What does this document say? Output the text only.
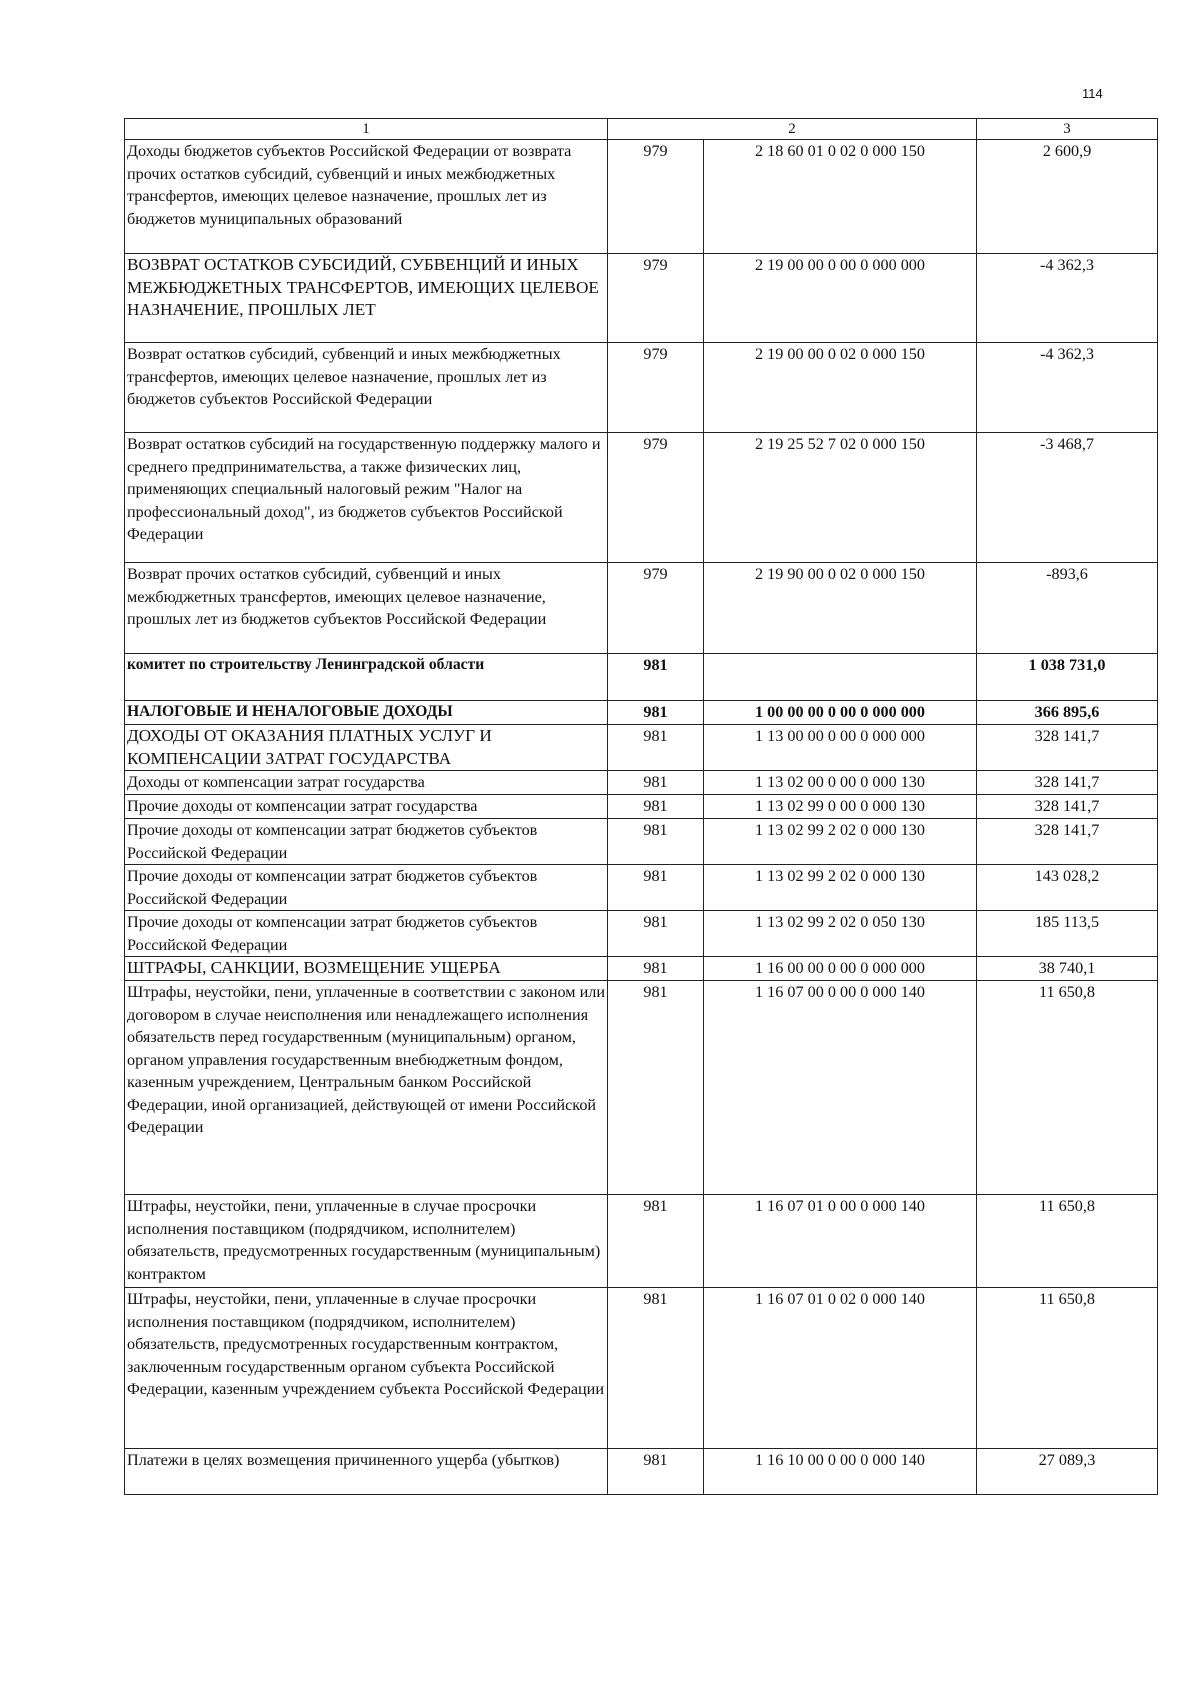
114
1	2		3
Доходы бюджетов субъектов Российской Федерации от возврата прочих остатков субсидий, субвенций и иных межбюджетных трансфертов, имеющих целевое назначение, прошлых лет из бюджетов муниципальных образований	979	2 18 60 01 0 02 0 000 150	2 600,9
ВОЗВРАТ ОСТАТКОВ СУБСИДИЙ, СУБВЕНЦИЙ И ИНЫХ МЕЖБЮДЖЕТНЫХ ТРАНСФЕРТОВ, ИМЕЮЩИХ ЦЕЛЕВОЕ НАЗНАЧЕНИЕ, ПРОШЛЫХ ЛЕТ	979	2 19 00 00 0 00 0 000 000	-4 362,3
Возврат остатков субсидий, субвенций и иных межбюджетных трансфертов, имеющих целевое назначение, прошлых лет из бюджетов субъектов Российской Федерации	979	2 19 00 00 0 02 0 000 150	-4 362,3
Возврат остатков субсидий на государственную поддержку малого и среднего предпринимательства, а также физических лиц, применяющих специальный налоговый режим "Налог на профессиональный доход", из бюджетов субъектов Российской Федерации	979	2 19 25 52 7 02 0 000 150	-3 468,7
Возврат прочих остатков субсидий, субвенций и иных межбюджетных трансфертов, имеющих целевое назначение, прошлых лет из бюджетов субъектов Российской Федерации	979	2 19 90 00 0 02 0 000 150	-893,6
комитет по строительству Ленинградской области	981		1 038 731,0
НАЛОГОВЫЕ И НЕНАЛОГОВЫЕ ДОХОДЫ	981	1 00 00 00 0 00 0 000 000	366 895,6
ДОХОДЫ ОТ ОКАЗАНИЯ ПЛАТНЫХ УСЛУГ И КОМПЕНСАЦИИ ЗАТРАТ ГОСУДАРСТВА	981	1 13 00 00 0 00 0 000 000	328 141,7
Доходы от компенсации затрат государства	981	1 13 02 00 0 00 0 000 130	328 141,7
Прочие доходы от компенсации затрат государства	981	1 13 02 99 0 00 0 000 130	328 141,7
Прочие доходы от компенсации затрат бюджетов субъектов Российской Федерации	981	1 13 02 99 2 02 0 000 130	328 141,7
Прочие доходы от компенсации затрат бюджетов субъектов Российской Федерации	981	1 13 02 99 2 02 0 000 130	143 028,2
Прочие доходы от компенсации затрат бюджетов субъектов Российской Федерации	981	1 13 02 99 2 02 0 050 130	185 113,5
ШТРАФЫ, САНКЦИИ, ВОЗМЕЩЕНИЕ УЩЕРБА	981	1 16 00 00 0 00 0 000 000	38 740,1
Штрафы, неустойки, пени, уплаченные в соответствии с законом или договором в случае неисполнения или ненадлежащего исполнения обязательств перед государственным (муниципальным) органом, органом управления государственным внебюджетным фондом, казенным учреждением, Центральным банком Российской Федерации, иной организацией, действующей от имени Российской Федерации	981	1 16 07 00 0 00 0 000 140	11 650,8
Штрафы, неустойки, пени, уплаченные в случае просрочки исполнения поставщиком (подрядчиком, исполнителем) обязательств, предусмотренных государственным (муниципальным) контрактом	981	1 16 07 01 0 00 0 000 140	11 650,8
Штрафы, неустойки, пени, уплаченные в случае просрочки исполнения поставщиком (подрядчиком, исполнителем) обязательств, предусмотренных государственным контрактом, заключенным государственным органом субъекта Российской Федерации, казенным учреждением субъекта Российской Федерации	981	1 16 07 01 0 02 0 000 140	11 650,8
Платежи в целях возмещения причиненного ущерба (убытков)	981	1 16 10 00 0 00 0 000 140	27 089,3
